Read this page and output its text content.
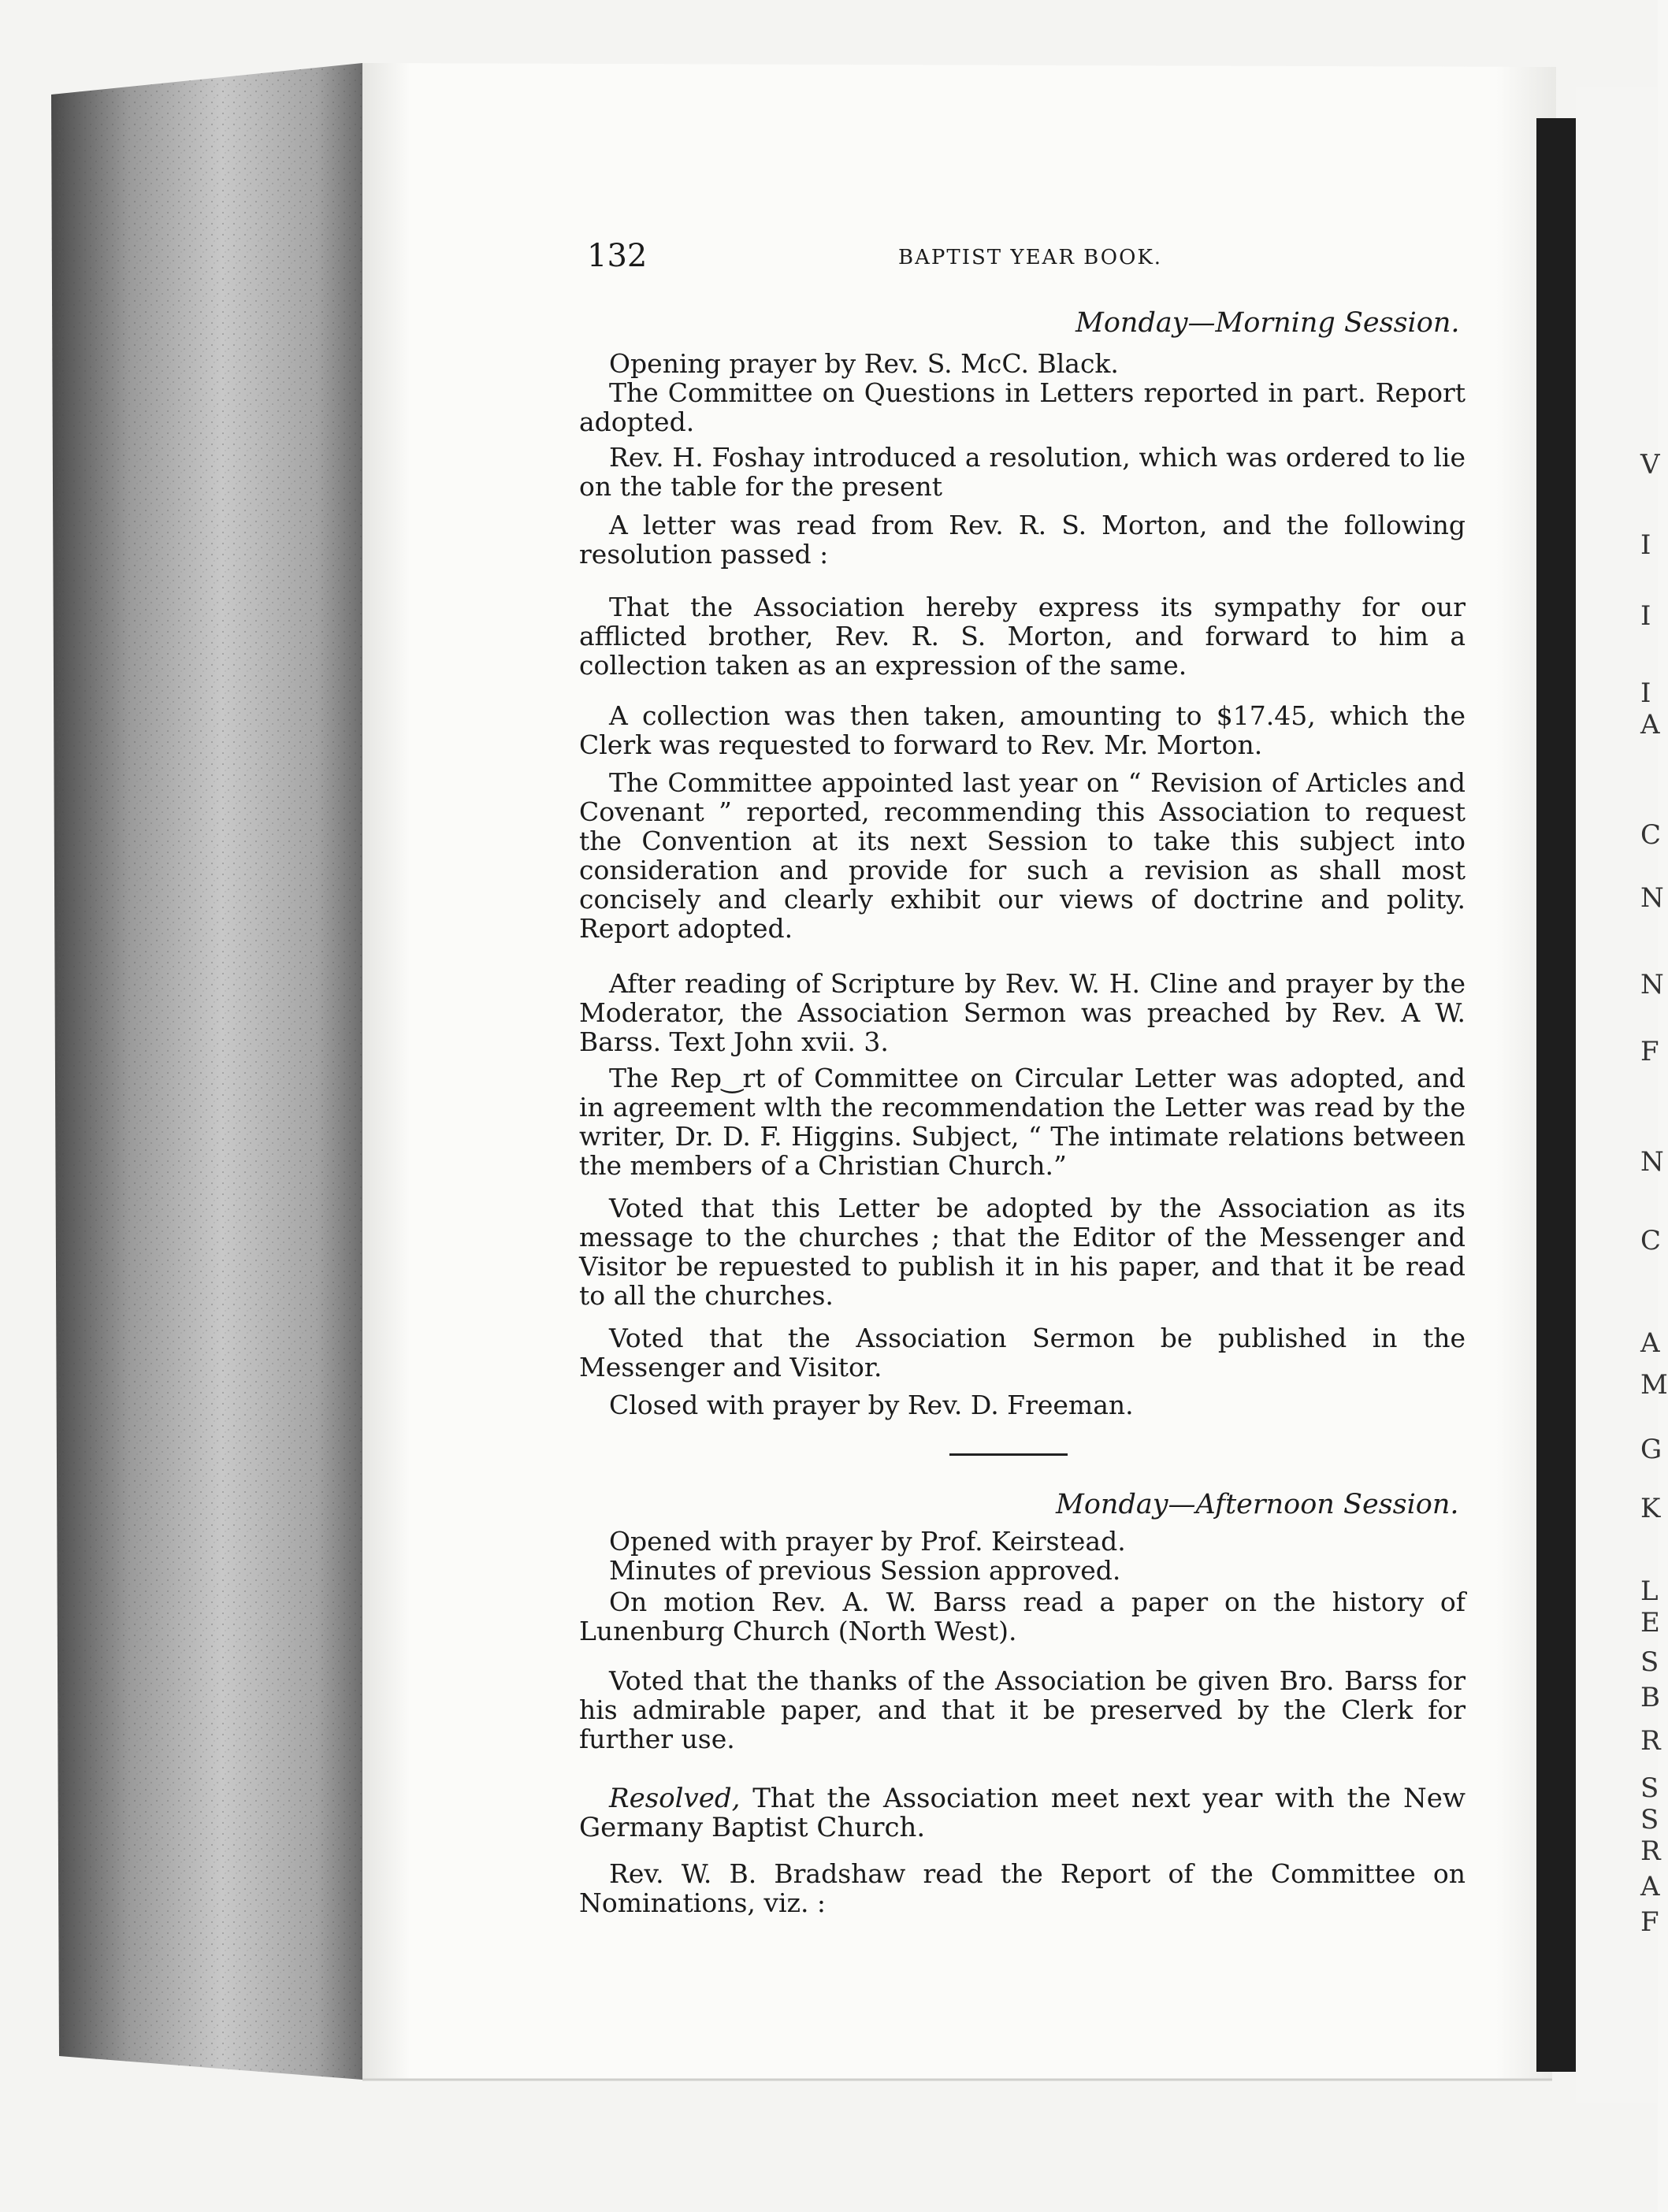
132	BAPTIST YEAR BOOK.
Monday—Morning Session.

Opening prayer by Rev. S. McC. Black.

The Committee on Questions in Letters reported in part. Report adopted.

Rev. H. Foshay introduced a resolution, which was ordered to lie on the table for the present

A letter was read from Rev. R. S. Morton, and the following resolution passed :

That the Association hereby express its sympathy for our afflicted brother, Rev. R. S. Morton, and forward to him a collection taken as an expression of the same.

A collection was then taken, amounting to $17.45, which the Clerk was requested to forward to Rev. Mr. Morton.

The Committee appointed last year on “ Revision of Articles and Covenant ” reported, recommending this Association to request the Convention at its next Session to take this subject into consideration and provide for such a revision as shall most concisely and clearly exhibit our views of doctrine and polity. Report adopted.

After reading of Scripture by Rev. W. H. Cline and prayer by the Moderator, the Association Sermon was preached by Rev. A W. Barss. Text John xvii. 3.

The Rep‿rt of Committee on Circular Letter was adopted, and in agreement wlth the recommendation the Letter was read by the writer, Dr. D. F. Higgins. Subject, “ The intimate relations between the members of a Christian Church.”

Voted that this Letter be adopted by the Association as its message to the churches ; that the Editor of the Messenger and Visitor be repuested to publish it in his paper, and that it be read to all the churches.

Voted that the Association Sermon be published in the Messenger and Visitor.

Closed with prayer by Rev. D. Freeman.

Monday—Afternoon Session.

Opened with prayer by Prof. Keirstead.

Minutes of previous Session approved.

On motion Rev. A. W. Barss read a paper on the history of Lunenburg Church (North West).

Voted that the thanks of the Association be given Bro. Barss for his admirable paper, and that it be preserved by the Clerk for further use.

Resolved, That the Association meet next year with the New Germany Baptist Church.

Rev. W. B. Bradshaw read the Report of the Committee on Nominations, viz. :

V
I
I
I
A
C
N
N
F
N
C
A
M
G
K
L
E
S
B
R
S
S
R
A
F
